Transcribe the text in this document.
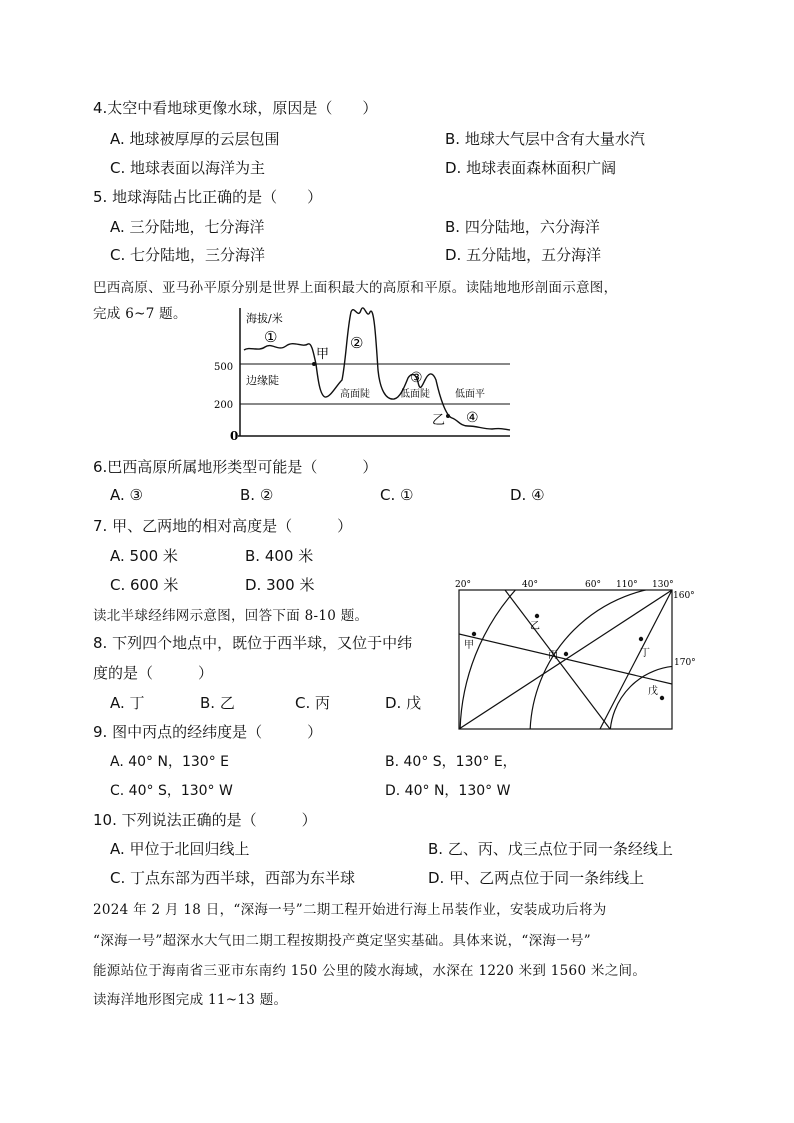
4.太空中看地球更像水球，原因是（　　）
A. 地球被厚厚的云层包围	B. 地球大气层中含有大量水汽
C. 地球表面以海洋为主	D. 地球表面森林面积广阔
5. 地球海陆占比正确的是（　　）
A. 三分陆地，七分海洋	B. 四分陆地，六分海洋
C. 七分陆地，三分海洋	D. 五分陆地，五分海洋
巴西高原、亚马孙平原分别是世界上面积最大的高原和平原。读陆地地形剖面示意图，
完成 6~7 题。
500
200
0
海拔/米
边缘陡
高面陡	低面陡	低面平
甲
乙
①	②
③
④
6.巴西高原所属地形类型可能是（　　　）
A. ③	B. ②	C. ①	D. ④
7. 甲、乙两地的相对高度是（　　　）
A. 500 米	B. 400 米
C. 600 米	D. 300 米
读北半球经纬网示意图，回答下面 8-10 题。
8. 下列四个地点中，既位于西半球，又位于中纬
度的是（　　　）
A. 丁	B. 乙	C. 丙	D. 戊
20°	40°	60° 110° 130°
160°
170°
甲
乙
丙	丁
戊
9. 图中丙点的经纬度是（　　　）
A. 40° N，130° E	B. 40° S，130° E，
C. 40° S，130° W	D. 40° N，130° W
10. 下列说法正确的是（　　　）
A. 甲位于北回归线上	B. 乙、丙、戊三点位于同一条经线上
C. 丁点东部为西半球，西部为东半球	D. 甲、乙两点位于同一条纬线上
2024 年 2 月 18 日，“深海一号”二期工程开始进行海上吊装作业，安装成功后将为
“深海一号”超深水大气田二期工程按期投产奠定坚实基础。具体来说，“深海一号”
能源站位于海南省三亚市东南约 150 公里的陵水海域，水深在 1220 米到 1560 米之间。
读海洋地形图完成 11~13 题。
